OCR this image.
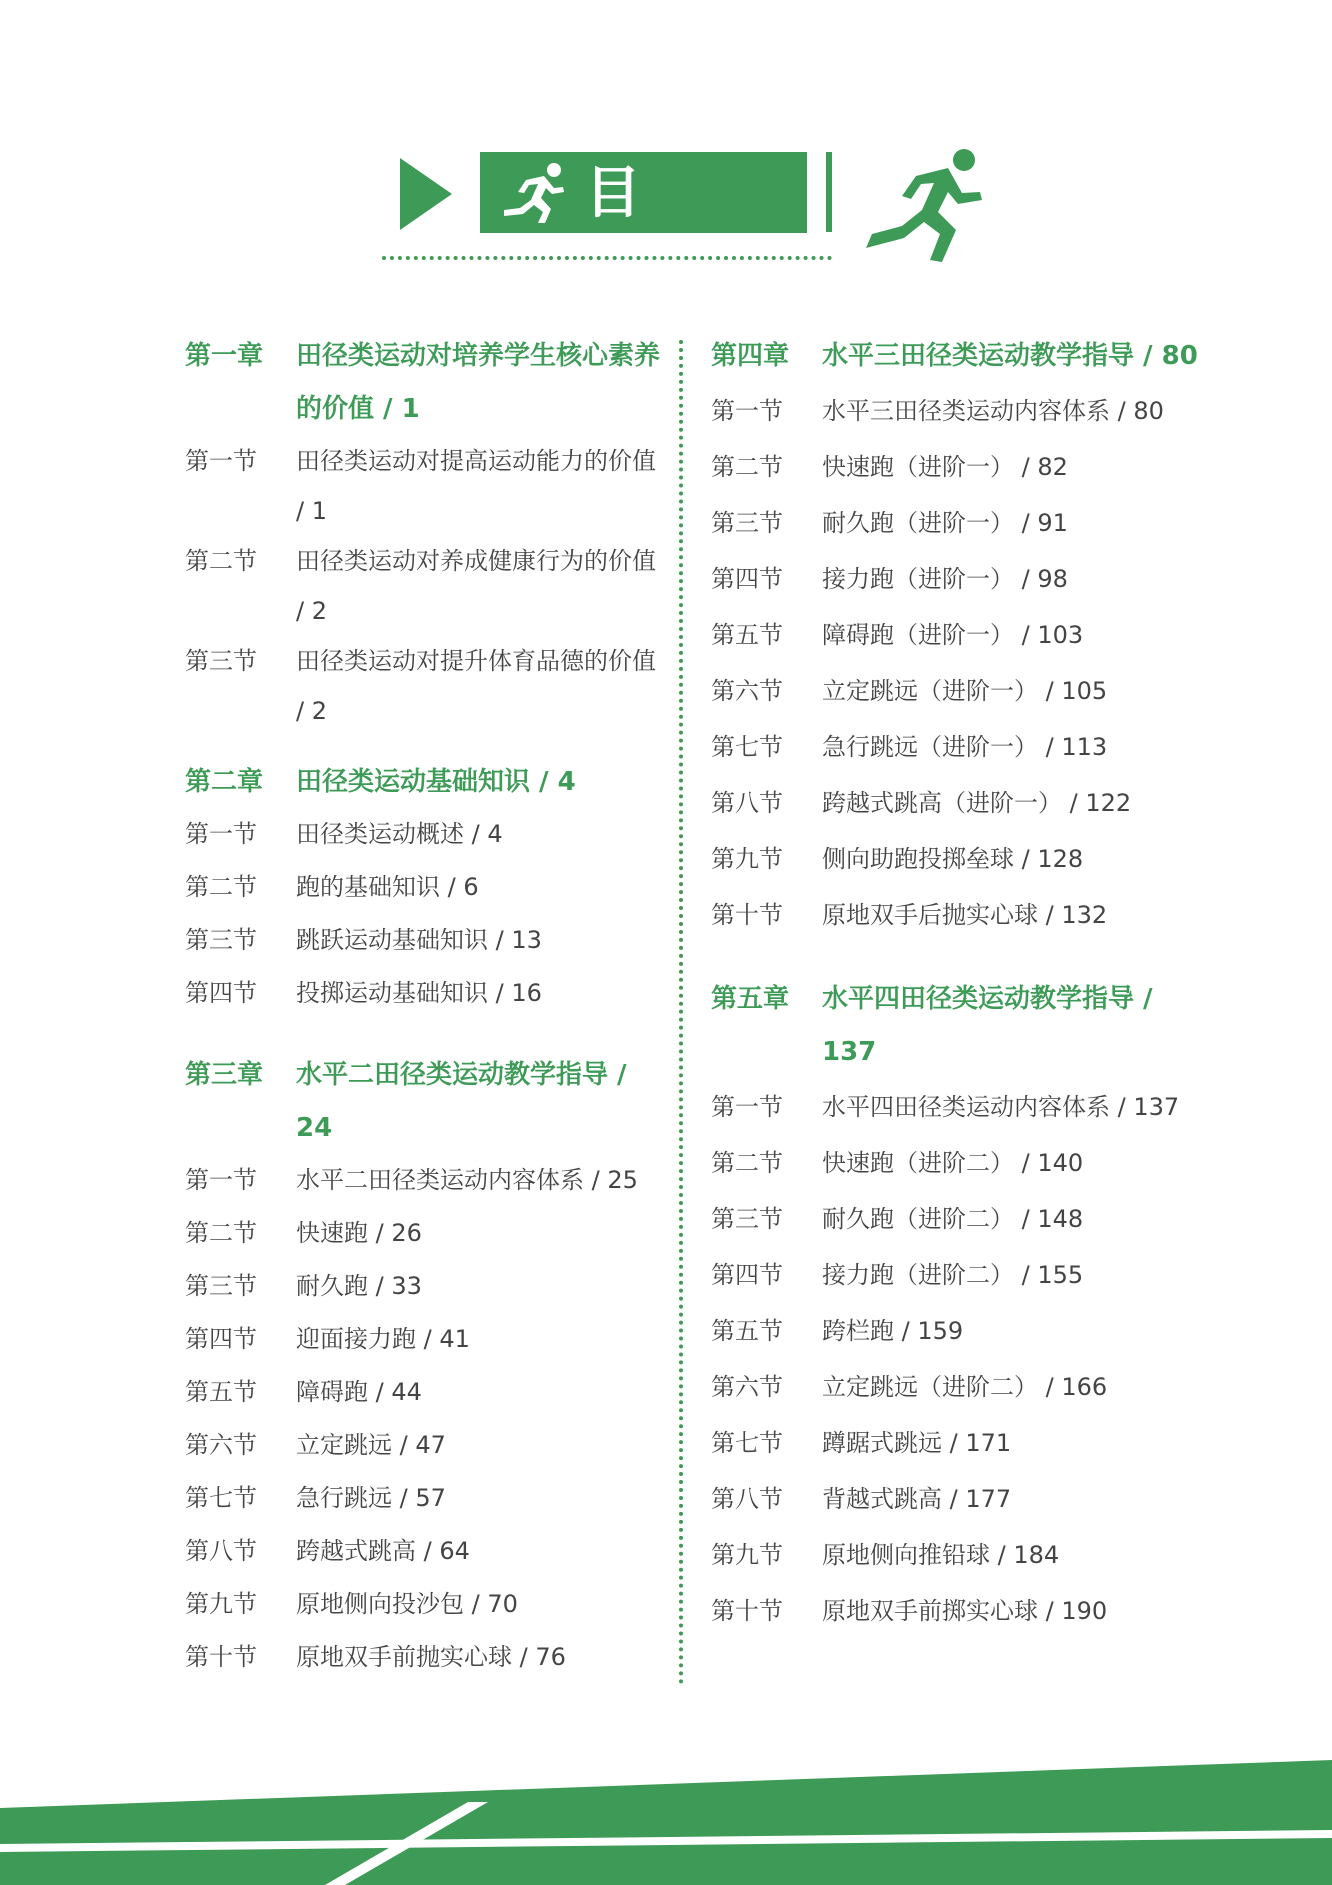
目 录
第一章	田径类运动对培养学生核心素养的价值 / 1
第一节	田径类运动对提高运动能力的价值 / 1
第二节	田径类运动对养成健康行为的价值 / 2
第三节	田径类运动对提升体育品德的价值 / 2
第二章	田径类运动基础知识 / 4
第一节	田径类运动概述 / 4
第二节	跑的基础知识 / 6
第三节	跳跃运动基础知识 / 13
第四节	投掷运动基础知识 / 16
第三章	水平二田径类运动教学指导 / 24
第一节	水平二田径类运动内容体系 / 25
第二节	快速跑 / 26
第三节	耐久跑 / 33
第四节	迎面接力跑 / 41
第五节	障碍跑 / 44
第六节	立定跳远 / 47
第七节	急行跳远 / 57
第八节	跨越式跳高 / 64
第九节	原地侧向投沙包 / 70
第十节	原地双手前抛实心球 / 76
第四章	水平三田径类运动教学指导 / 80
第一节	水平三田径类运动内容体系 / 80
第二节	快速跑（进阶一） / 82
第三节	耐久跑（进阶一） / 91
第四节	接力跑（进阶一） / 98
第五节	障碍跑（进阶一） / 103
第六节	立定跳远（进阶一） / 105
第七节	急行跳远（进阶一） / 113
第八节	跨越式跳高（进阶一） / 122
第九节	侧向助跑投掷垒球 / 128
第十节	原地双手后抛实心球 / 132
第五章	水平四田径类运动教学指导 / 137
第一节	水平四田径类运动内容体系 / 137
第二节	快速跑（进阶二） / 140
第三节	耐久跑（进阶二） / 148
第四节	接力跑（进阶二） / 155
第五节	跨栏跑 / 159
第六节	立定跳远（进阶二） / 166
第七节	蹲踞式跳远 / 171
第八节	背越式跳高 / 177
第九节	原地侧向推铅球 / 184
第十节	原地双手前掷实心球 / 190
